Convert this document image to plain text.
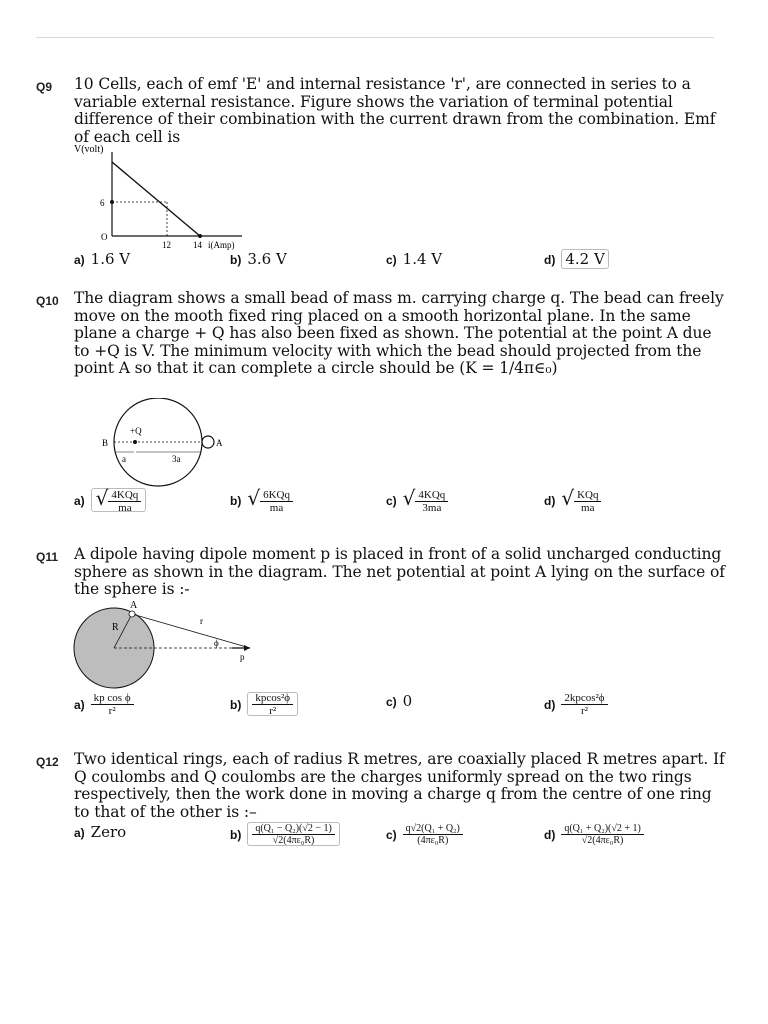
Q9 10 Cells, each of emf 'E' and internal resistance 'r', are connected in series to a variable external resistance. Figure shows the variation of terminal potential difference of their combination with the current drawn from the combination. Emf of each cell is
V(volt)
6
O
12 14 i(Amp)
a) 1.6 V	b) 3.6 V	c) 1.4 V	d) 4.2 V
Q10 The diagram shows a small bead of mass m. carrying charge q. The bead can freely move on the mooth fixed ring placed on a smooth horizontal plane. In the same plane a charge + Q has also been fixed as shown. The potential at the point A due to +Q is V. The minimum velocity with which the bead should projected from the point A so that it can complete a circle should be (K = 1/4π∈₀)
B	A
+Q
a	3a
a) √ $\frac{\text{4KQq}}{ma}$	b) √ $\frac{\text{6KQq}}{ma}$	c) √ $\frac{\text{4KQq}}{3ma}$	d) √ $\frac{\text{KQq}}{ma}$
Q11 A dipole having dipole moment p is placed in front of a solid uncharged conducting sphere as shown in the diagram. The net potential at point A lying on the surface of the sphere is :-
A
R
r
ϕ
p
$a) \frac{\text{kp cos ϕ}}{\text{r²}}$	$b) \frac{\text{kpcos²ϕ}}{\text{r²}}$	c) 0	$d) \frac{\text{2kpcos²ϕ}}{\text{r²}}$
Q12 Two identical rings, each of radius R metres, are coaxially placed R metres apart. If Q coulombs and Q coulombs are the charges uniformly spread on the two rings respectively, then the work done in moving a charge q from the centre of one ring to that of the other is :–
a) Zero	$b) \frac{\text{q(Q₁ − Q₂)(√2 − 1)}}{\text{√2(4πε₀R)}}$	$c) \frac{\text{q√2(Q₁ + Q₂)}}{\text{(4πε₀R)}}$	$d) \frac{\text{q(Q₁ + Q₂)(√2 + 1)}}{\text{√2(4πε₀R)}}$
